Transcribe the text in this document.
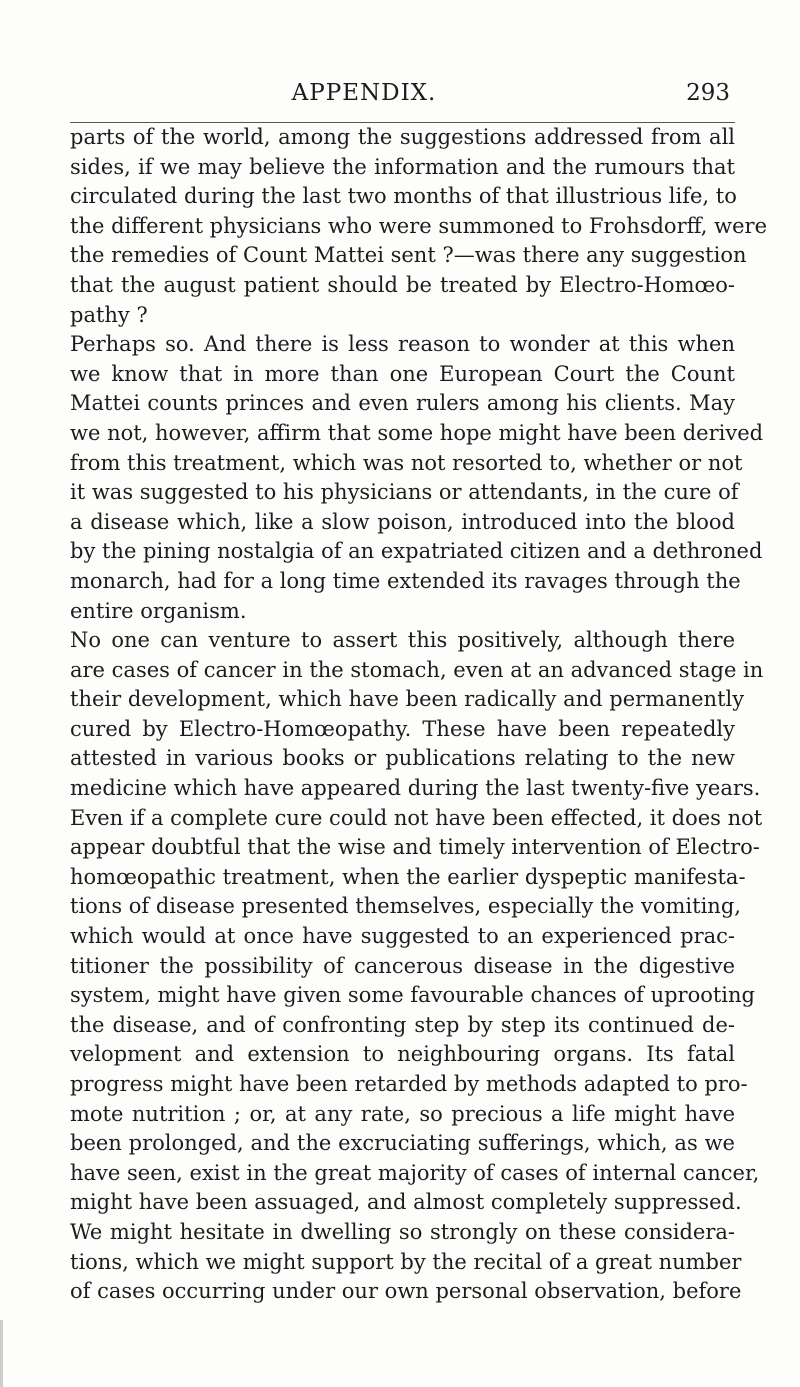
APPENDIX.	293
parts of the world, among the suggestions addressed from all
sides, if we may believe the information and the rumours that
circulated during the last two months of that illustrious life, to
the different physicians who were summoned to Frohsdorff, were
the remedies of Count Mattei sent ?—was there any suggestion
that the august patient should be treated by Electro-Homœo-
pathy ?
Perhaps so. And there is less reason to wonder at this when
we know that in more than one European Court the Count
Mattei counts princes and even rulers among his clients. May
we not, however, affirm that some hope might have been derived
from this treatment, which was not resorted to, whether or not
it was suggested to his physicians or attendants, in the cure of
a disease which, like a slow poison, introduced into the blood
by the pining nostalgia of an expatriated citizen and a dethroned
monarch, had for a long time extended its ravages through the
entire organism.
No one can venture to assert this positively, although there
are cases of cancer in the stomach, even at an advanced stage in
their development, which have been radically and permanently
cured by Electro-Homœopathy. These have been repeatedly
attested in various books or publications relating to the new
medicine which have appeared during the last twenty-five years.
Even if a complete cure could not have been effected, it does not
appear doubtful that the wise and timely intervention of Electro-
homœopathic treatment, when the earlier dyspeptic manifesta-
tions of disease presented themselves, especially the vomiting,
which would at once have suggested to an experienced prac-
titioner the possibility of cancerous disease in the digestive
system, might have given some favourable chances of uprooting
the disease, and of confronting step by step its continued de-
velopment and extension to neighbouring organs. Its fatal
progress might have been retarded by methods adapted to pro-
mote nutrition ; or, at any rate, so precious a life might have
been prolonged, and the excruciating sufferings, which, as we
have seen, exist in the great majority of cases of internal cancer,
might have been assuaged, and almost completely suppressed.
We might hesitate in dwelling so strongly on these considera-
tions, which we might support by the recital of a great number
of cases occurring under our own personal observation, before
